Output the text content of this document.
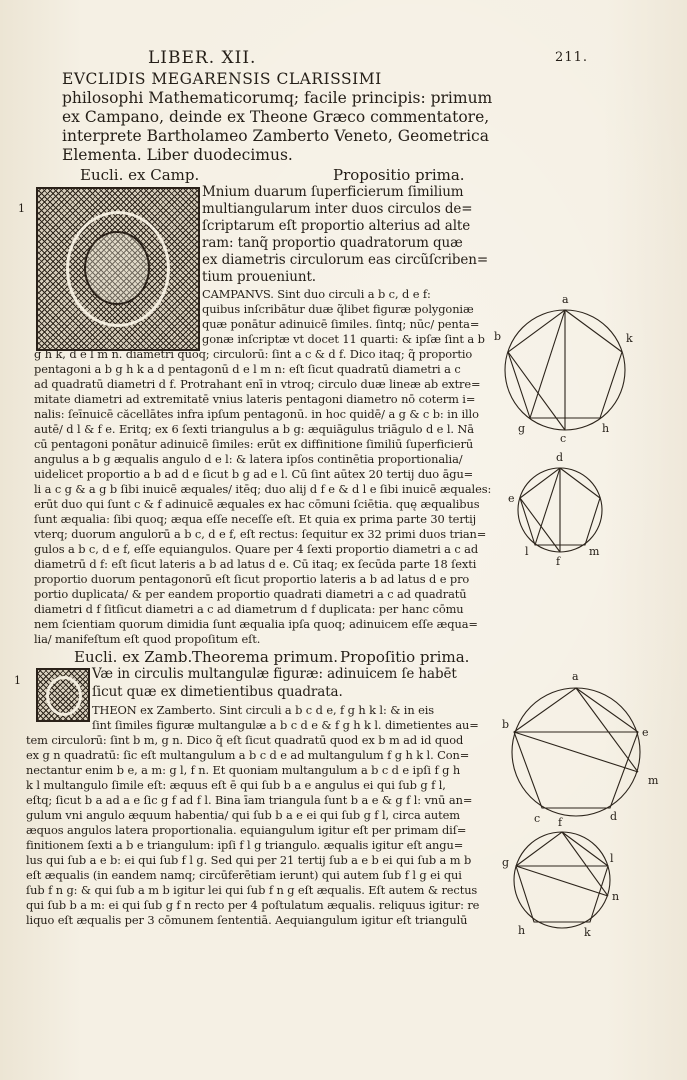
LIBER. XII.	211.
EVCLIDIS MEGARENSIS CLARISSIMI
philosophi Mathematicorumq; facile principis: primum
ex Campano, deinde ex Theone Græco commentatore,
interprete Bartholameo Zamberto Veneto, Geometrica
Elementa. Liber duodecimus.
Eucli. ex Camp.	Propositio prima.
1
Mnium duarum ſuperficierum ſimilium
multiangularum inter duos circulos de=
ſcriptarum eſt proportio alterius ad alte
ram: tanq̃ proportio quadratorum quæ
ex diametris circulorum eas circũſcriben=
tium proueniunt.
CAMPANVS. Sint duo circuli a b c, d e f:
quibus inſcribātur duæ q̃libet figuræ polygoniæ
quæ ponātur adinuicē ſimiles. ſintq; nūc/ penta=
gonæ inſcriptæ vt docet 11 quarti: & ipſæ ſint a b
g h k, d e l m n. diametri quoq; circulorū: ſint a c & d f. Dico itaq; q̃ proportio
pentagoni a b g h k a d pentagonū d e l m n: eſt ſicut quadratū diametri a c
ad quadratū diametri d f. Protrahant enī in vtroq; circulo duæ lineæ ab extre=
mitate diametri ad extremitatē vnius lateris pentagoni diametro nō coterm i=
nalis: ſeīnuicē căcellātes infra ipſum pentagonū. in hoc quidē/ a g & c b: in illo
autē/ d l & f e. Eritq; ex 6 ſexti triangulus a b g: æquiāgulus triāgulo d e l. Nā
cū pentagoni ponātur adinuicē ſimiles: erūt ex diffinitione ſimiliū ſuperficierū
angulus a b g æqualis angulo d e l: & latera ipſos continētia proportionalia/
uidelicet proportio a b ad d e ſicut b g ad e l. Cū ſint aūtex 20 tertij duo āgu=
li a c g & a g b ſibi inuicē æquales/ itēq; duo alij d f e & d l e ſibi inuicē æquales:
erūt duo qui ſunt c & f adinuicē æquales ex hac cōmuni ſciētia. quę æqualibus
ſunt æqualia: ſibi quoq; æqua eſſe neceſſe eſt. Et quia ex prima parte 30 tertij
vterq; duorum angulorū a b c, d e f, eſt rectus: ſequitur ex 32 primi duos trian=
gulos a b c, d e f, eſſe equiangulos. Quare per 4 ſexti proportio diametri a c ad
diametrū d f: eſt ſicut lateris a b ad latus d e. Cū itaq; ex ſecūda parte 18 ſexti
proportio duorum pentagonorū eſt ſicut proportio lateris a b ad latus d e pro
portio duplicata/ & per eandem proportio quadrati diametri a c ad quadratū
diametri d f ſitſicut diametri a c ad diametrum d f duplicata: per hanc cōmu
nem ſcientiam quorum dimidia ſunt æqualia ipſa quoq; adinuicem eſſe æqua=
lia/ manifeſtum eſt quod propoſitum eſt.
Eucli. ex Zamb. Theorema primum. Propoſitio prima.
1	Væ in circulis multangulæ figuræ: adinuicem ſe habēt
ſicut quæ ex dimetientibus quadrata.
THEON ex Zamberto. Sint circuli a b c d e, f g h k l: & in eis
ſint ſimiles figuræ multangulæ a b c d e & f g h k l. dimetientes au=
tem circulorū: ſint b m, g n. Dico q̃ eſt ſicut quadratū quod ex b m ad id quod
ex g n quadratū: ſic eſt multangulum a b c d e ad multangulum f g h k l. Con=
nectantur enim b e, a m: g l, f n. Et quoniam multangulum a b c d e ipſi f g h
k l multangulo ſimile eſt: æquus eſt ē qui ſub b a e angulus ei qui ſub g f l,
eſtq; ſicut b a ad a e ſic g f ad f l. Bina īam triangula ſunt b a e & g f l: vnū an=
gulum vni angulo æquum habentia/ qui ſub b a e ei qui ſub g f l, circa autem
æquos angulos latera proportionalia. equiangulum igitur eſt per primam diſ=
finitionem ſexti a b e triangulum: ipſi f l g triangulo. æqualis igitur eſt angu=
lus qui ſub a e b: ei qui ſub f l g. Sed qui per 21 tertij ſub a e b ei qui ſub a m b
eſt æqualis (in eandem namq; circūferētiam ierunt) qui autem ſub f l g ei qui
ſub f n g: & qui ſub a m b igitur lei qui ſub f n g eſt æqualis. Eſt autem & rectus
qui ſub b a m: ei qui ſub g f n recto per 4 poſtulatum æqualis. reliquus igitur: re
liquo eſt æqualis per 3 cōmunem ſententiā. Aequiangulum igitur eſt triangulū
a
b	k
g
c
h
d
e
l
f
m
a
b
e
m
c	d
f
g	l
n
h	k
